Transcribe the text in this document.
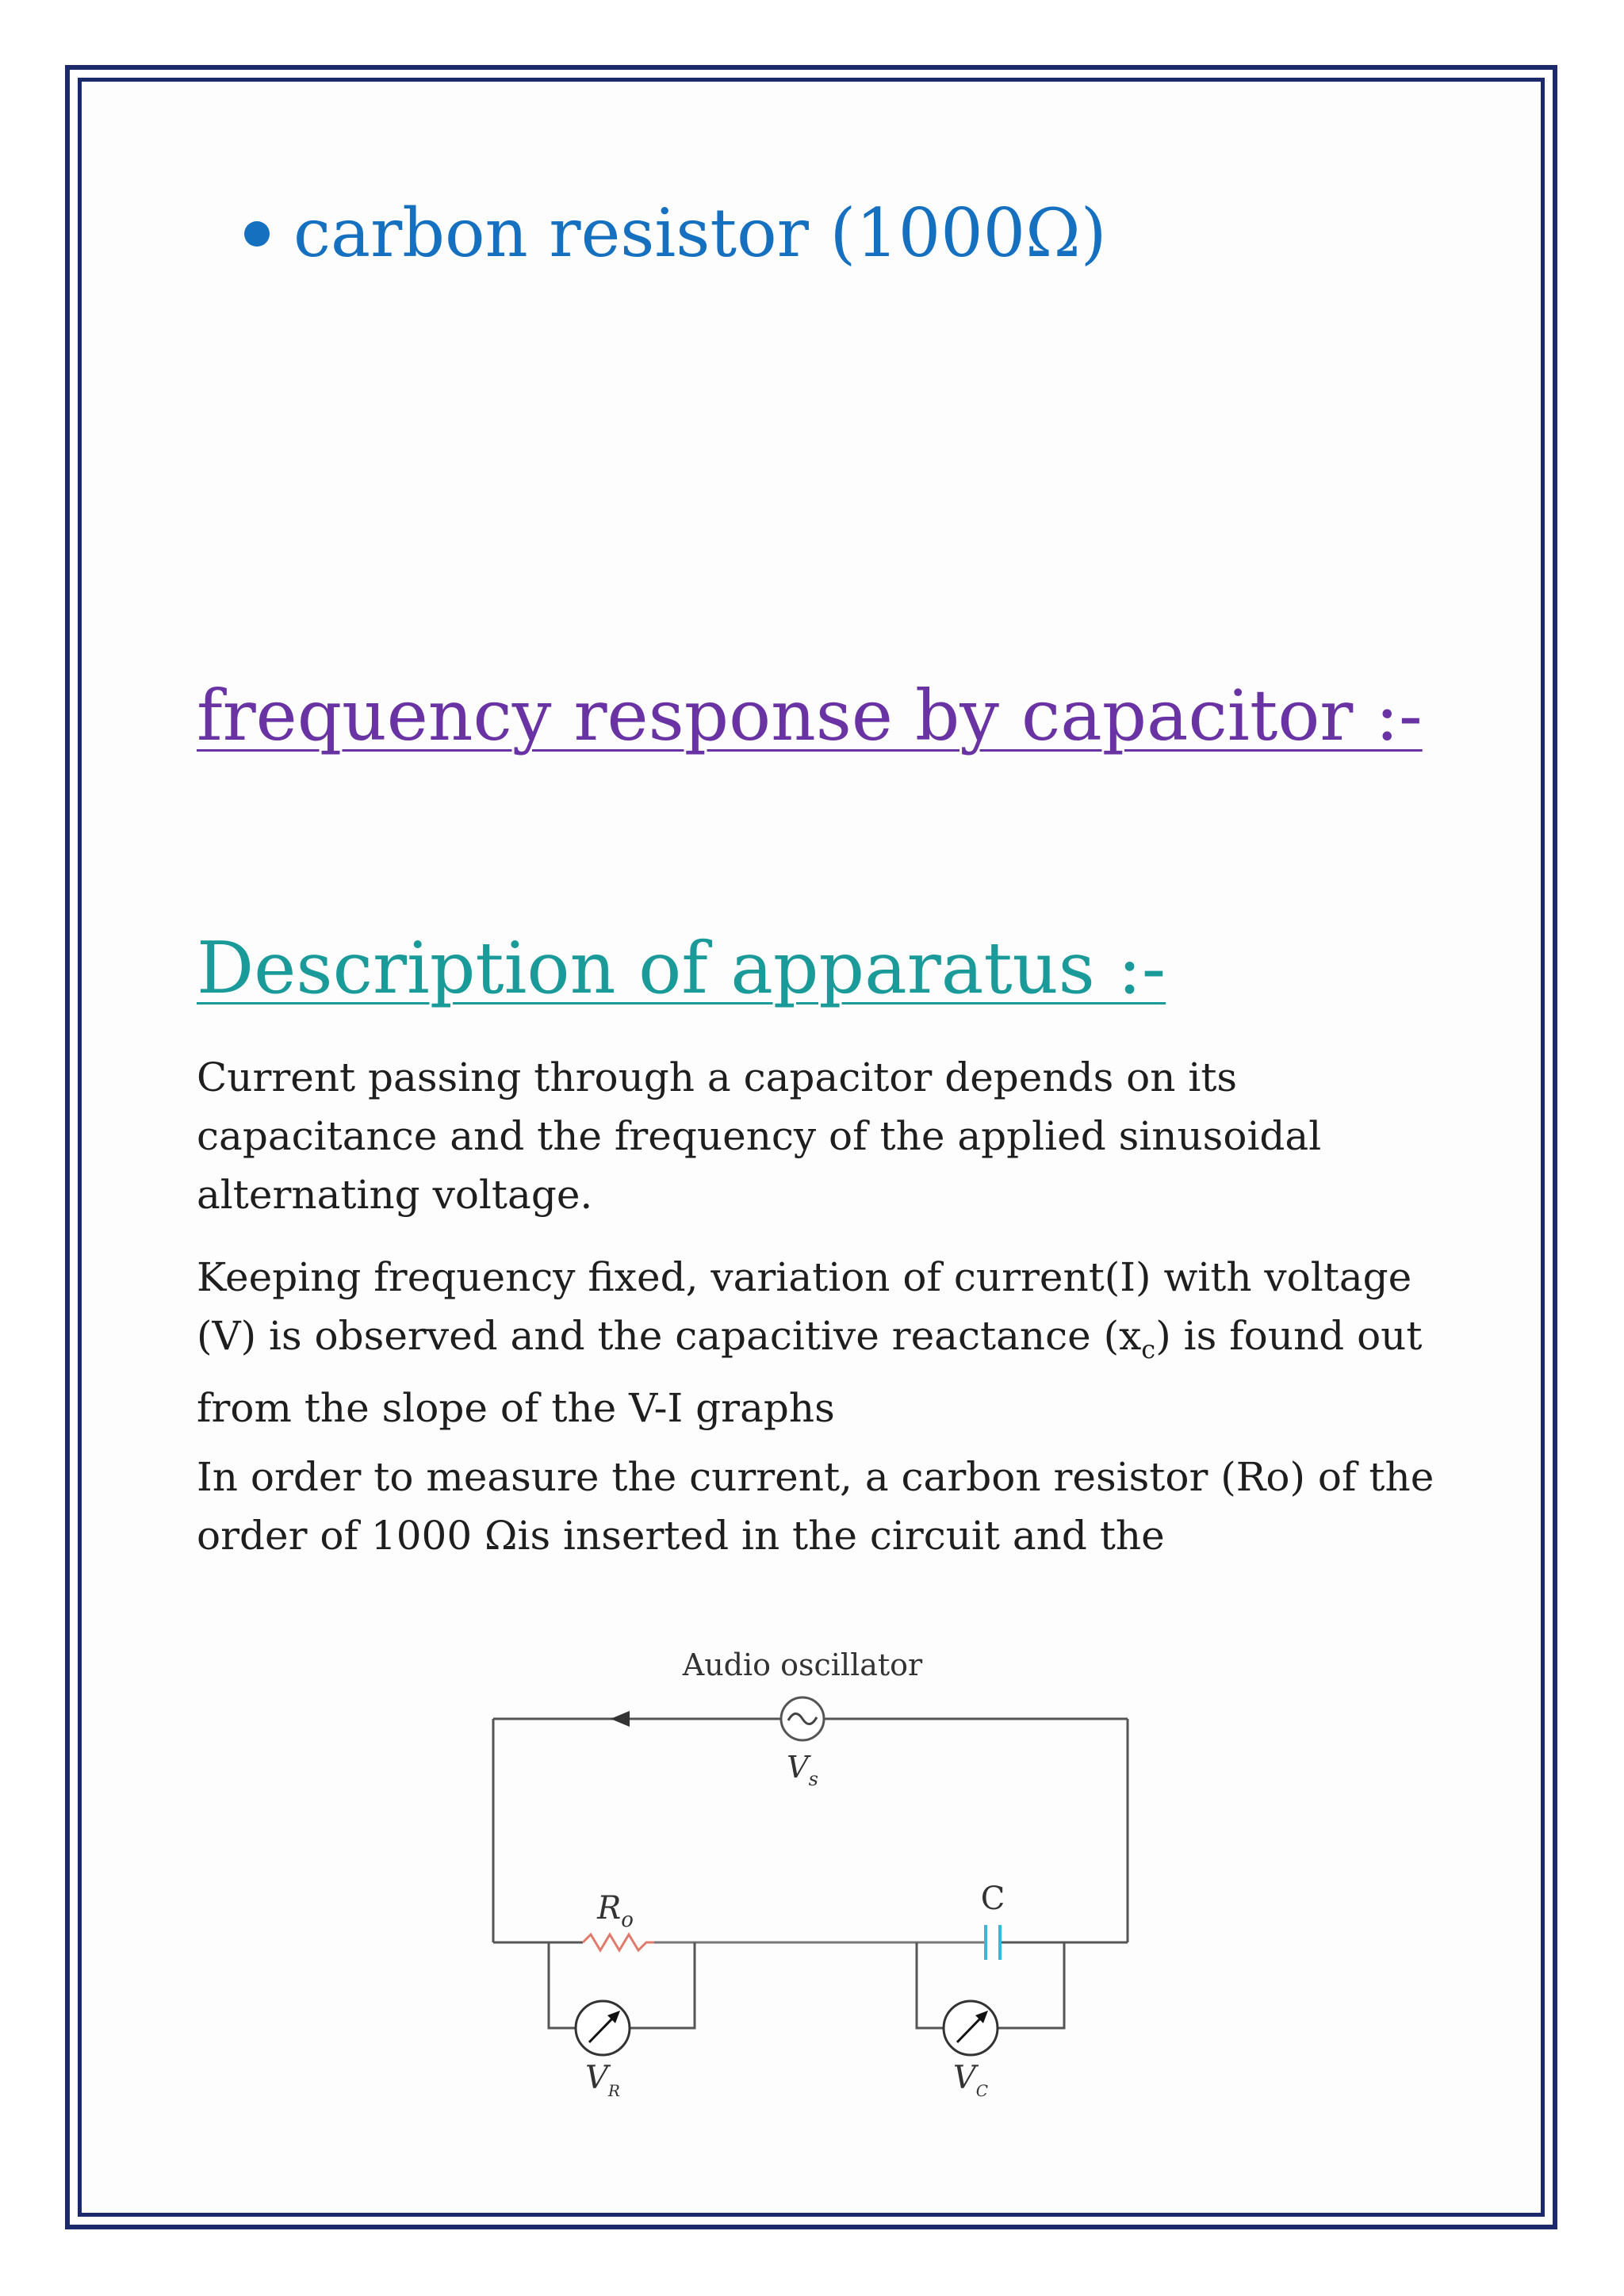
carbon resistor (1000Ω)
frequency response by capacitor :-
Description of apparatus :-

Current passing through a capacitor depends on its capacitance and the frequency of the applied sinusoidal alternating voltage.

Keeping frequency fixed, variation of current(I) with voltage (V) is observed and the capacitive reactance $(x_c)$ is found out from the slope of the V-I graphs

In order to measure the current, a carbon resistor (Ro) of the order of 1000 Ωis inserted in the circuit and the

Audio oscillator
$V_s$
$R_o$
C
$V_R$	$V_C$
